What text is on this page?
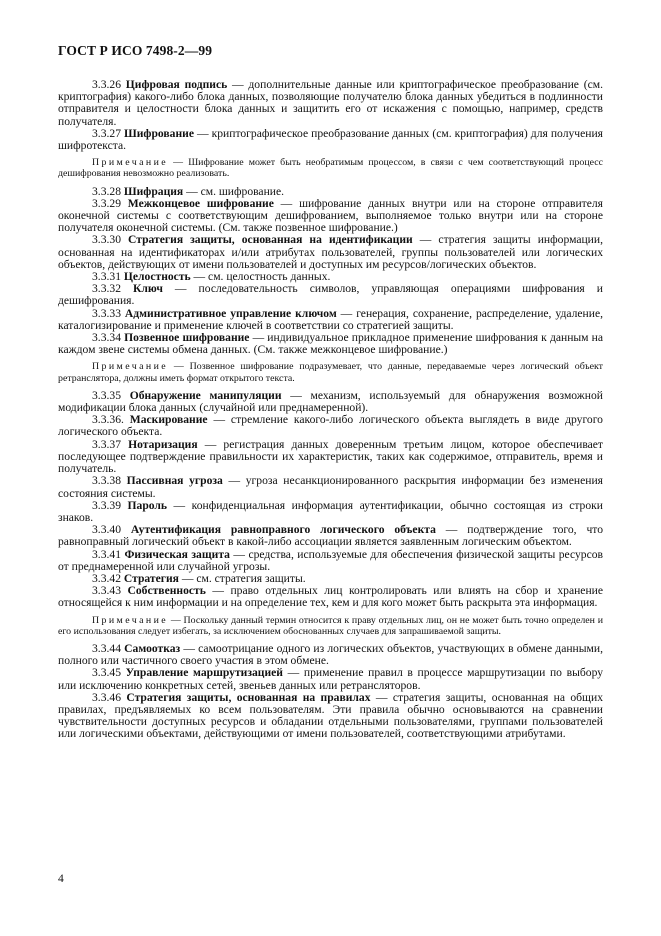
ГОСТ Р ИСО 7498-2—99

3.3.26 Цифровая подпись — дополнительные данные или криптографическое преобразование (см. криптография) какого-либо блока данных, позволяющие получателю блока данных убедиться в подлинности отправителя и целостности блока данных и защитить его от искажения с помощью, например, средств получателя.

3.3.27 Шифрование — криптографическое преобразование данных (см. криптография) для получения шифротекста.

Примечание — Шифрование может быть необратимым процессом, в связи с чем соответствующий процесс дешифрования невозможно реализовать.

3.3.28 Шифрация — см. шифрование.

3.3.29 Межконцевое шифрование — шифрование данных внутри или на стороне отправителя оконечной системы с соответствующим дешифрованием, выполняемое только внутри или на стороне получателя оконечной системы. (См. также позвенное шифрование.)

3.3.30 Стратегия защиты, основанная на идентификации — стратегия защиты информации, основанная на идентификаторах и/или атрибутах пользователей, группы пользователей или логических объектов, действующих от имени пользователей и доступных им ресурсов/логических объектов.

3.3.31 Целостность — см. целостность данных.

3.3.32 Ключ — последовательность символов, управляющая операциями шифрования и дешифрования.

3.3.33 Административное управление ключом — генерация, сохранение, распределение, удаление, каталогизирование и применение ключей в соответствии со стратегией защиты.

3.3.34 Позвенное шифрование — индивидуальное прикладное применение шифрования к данным на каждом звене системы обмена данных. (См. также межконцевое шифрование.)

Примечание — Позвенное шифрование подразумевает, что данные, передаваемые через логический объект ретранслятора, должны иметь формат открытого текста.

3.3.35 Обнаружение манипуляции — механизм, используемый для обнаружения возможной модификации блока данных (случайной или преднамеренной).

3.3.36. Маскирование — стремление какого-либо логического объекта выглядеть в виде другого логического объекта.

3.3.37 Нотаризация — регистрация данных доверенным третьим лицом, которое обеспечивает последующее подтверждение правильности их характеристик, таких как содержимое, отправитель, время и получатель.

3.3.38 Пассивная угроза — угроза несанкционированного раскрытия информации без изменения состояния системы.

3.3.39 Пароль — конфиденциальная информация аутентификации, обычно состоящая из строки знаков.

3.3.40 Аутентификация равноправного логического объекта — подтверждение того, что равноправный логический объект в какой-либо ассоциации является заявленным логическим объектом.

3.3.41 Физическая защита — средства, используемые для обеспечения физической защиты ресурсов от преднамеренной или случайной угрозы.

3.3.42 Стратегия — см. стратегия защиты.

3.3.43 Собственность — право отдельных лиц контролировать или влиять на сбор и хранение относящейся к ним информации и на определение тех, кем и для кого может быть раскрыта эта информация.

Примечание — Поскольку данный термин относится к праву отдельных лиц, он не может быть точно определен и его использования следует избегать, за исключением обоснованных случаев для запрашиваемой защиты.

3.3.44 Самоотказ — самоотрицание одного из логических объектов, участвующих в обмене данными, полного или частичного своего участия в этом обмене.

3.3.45 Управление маршрутизацией — применение правил в процессе маршрутизации по выбору или исключению конкретных сетей, звеньев данных или ретрансляторов.

3.3.46 Стратегия защиты, основанная на правилах — стратегия защиты, основанная на общих правилах, предъявляемых ко всем пользователям. Эти правила обычно основываются на сравнении чувствительности доступных ресурсов и обладании отдельными пользователями, группами пользователей или логическими объектами, действующими от имени пользователей, соответствующими атрибутами.

4
